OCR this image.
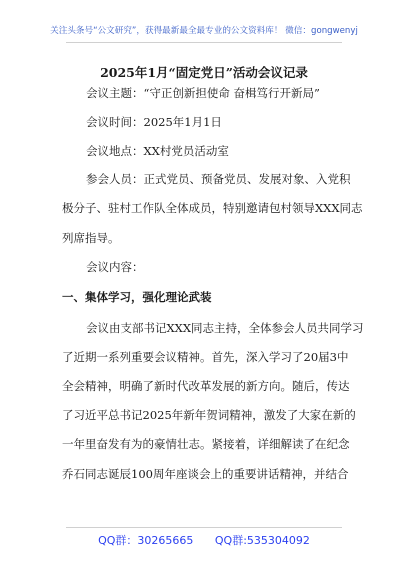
关注头条号“公文研究”，获得最新最全最专业的公文资料库！ 微信：gongwenyj
2025年1月“固定党日”活动会议记录
会议主题：“守正创新担使命 奋楫笃行开新局”
会议时间：2025年1月1日
会议地点：XX村党员活动室
参会人员：正式党员、预备党员、发展对象、入党积
极分子、驻村工作队全体成员，特别邀请包村领导XXX同志
列席指导。
会议内容：
一、集体学习，强化理论武装
会议由支部书记XXX同志主持，全体参会人员共同学习
了近期一系列重要会议精神。首先，深入学习了20届3中
全会精神，明确了新时代改革发展的新方向。随后，传达
了习近平总书记2025年新年贺词精神，激发了大家在新的
一年里奋发有为的豪情壮志。紧接着，详细解读了在纪念
乔石同志诞辰100周年座谈会上的重要讲话精神，并结合
QQ群：30265665 QQ群:535304092
